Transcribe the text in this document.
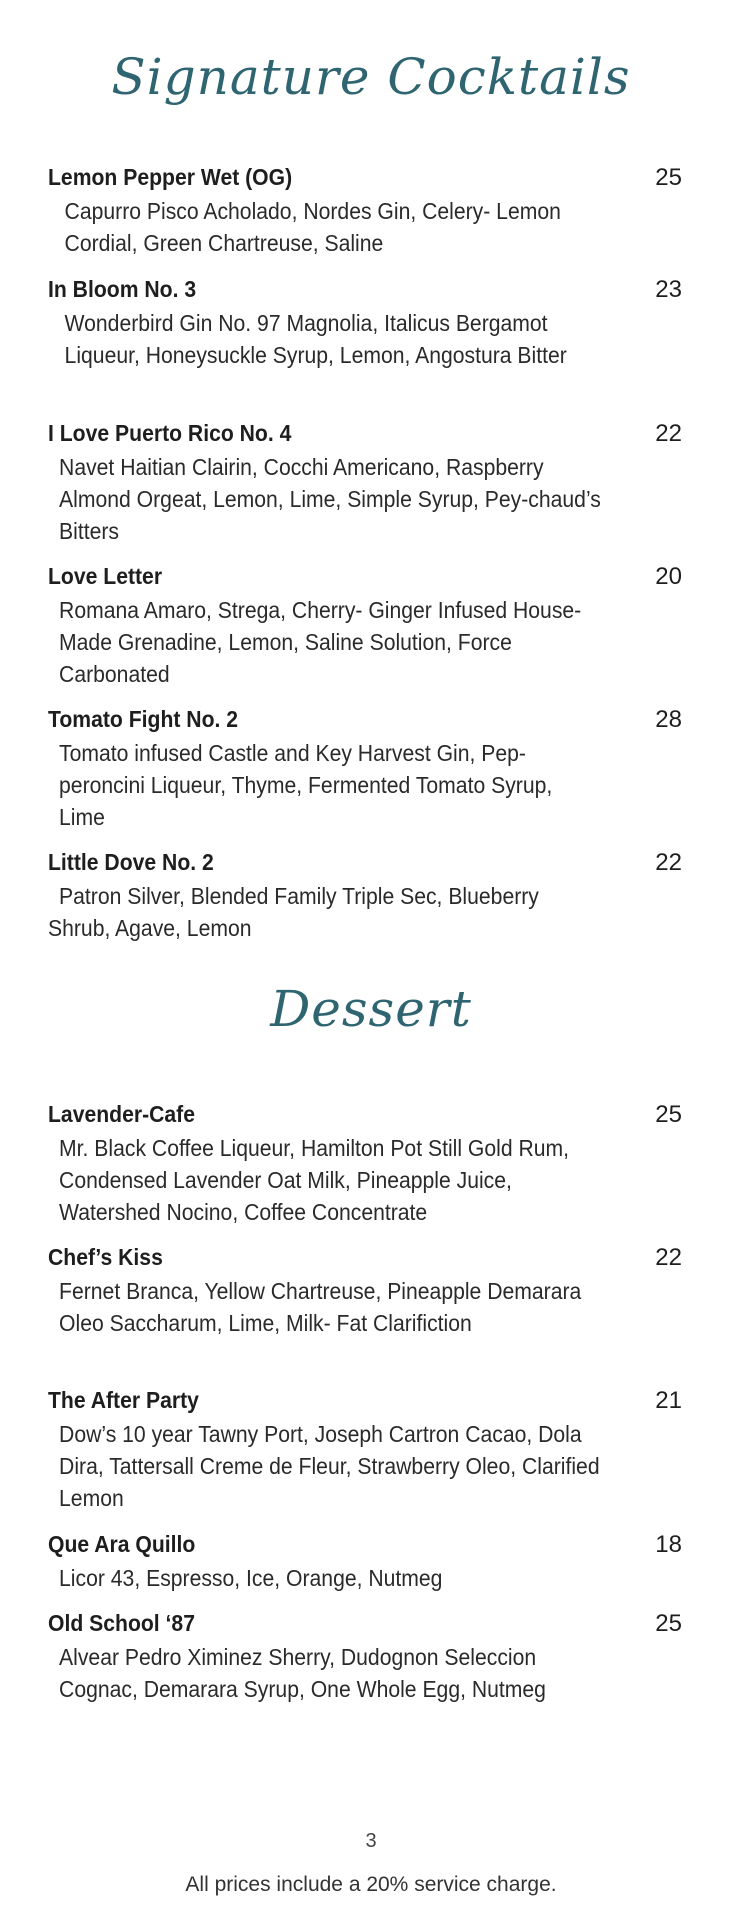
Signature Cocktails
Lemon Pepper Wet (OG)	25
Capurro Pisco Acholado, Nordes Gin, Celery- Lemon Cordial, Green Chartreuse, Saline
In Bloom No. 3	23
Wonderbird Gin No. 97 Magnolia, Italicus Bergamot Liqueur, Honeysuckle Syrup, Lemon, Angostura Bitter
I Love Puerto Rico No. 4	22
Navet Haitian Clairin, Cocchi Americano, Raspberry Almond Orgeat, Lemon, Lime, Simple Syrup, Pey-chaud’s Bitters
Love Letter	20
Romana Amaro, Strega, Cherry- Ginger Infused House-Made Grenadine, Lemon, Saline Solution, Force Carbonated
Tomato Fight No. 2	28
Tomato infused Castle and Key Harvest Gin, Pep-peroncini Liqueur, Thyme, Fermented Tomato Syrup, Lime
Little Dove No. 2	22
Patron Silver, Blended Family Triple Sec, Blueberry Shrub, Agave, Lemon
Dessert
Lavender-Cafe	25
Mr. Black Coffee Liqueur, Hamilton Pot Still Gold Rum, Condensed Lavender Oat Milk, Pineapple Juice, Watershed Nocino, Coffee Concentrate
Chef’s Kiss	22
Fernet Branca, Yellow Chartreuse, Pineapple Demarara Oleo Saccharum, Lime, Milk- Fat Clarifiction
The After Party	21
Dow’s 10 year Tawny Port, Joseph Cartron Cacao, Dola Dira, Tattersall Creme de Fleur, Strawberry Oleo, Clarified Lemon
Que Ara Quillo	18
Licor 43, Espresso, Ice, Orange, Nutmeg
Old School ‘87	25
Alvear Pedro Ximinez Sherry, Dudognon Seleccion Cognac, Demarara Syrup, One Whole Egg, Nutmeg
3
All prices include a 20% service charge.
